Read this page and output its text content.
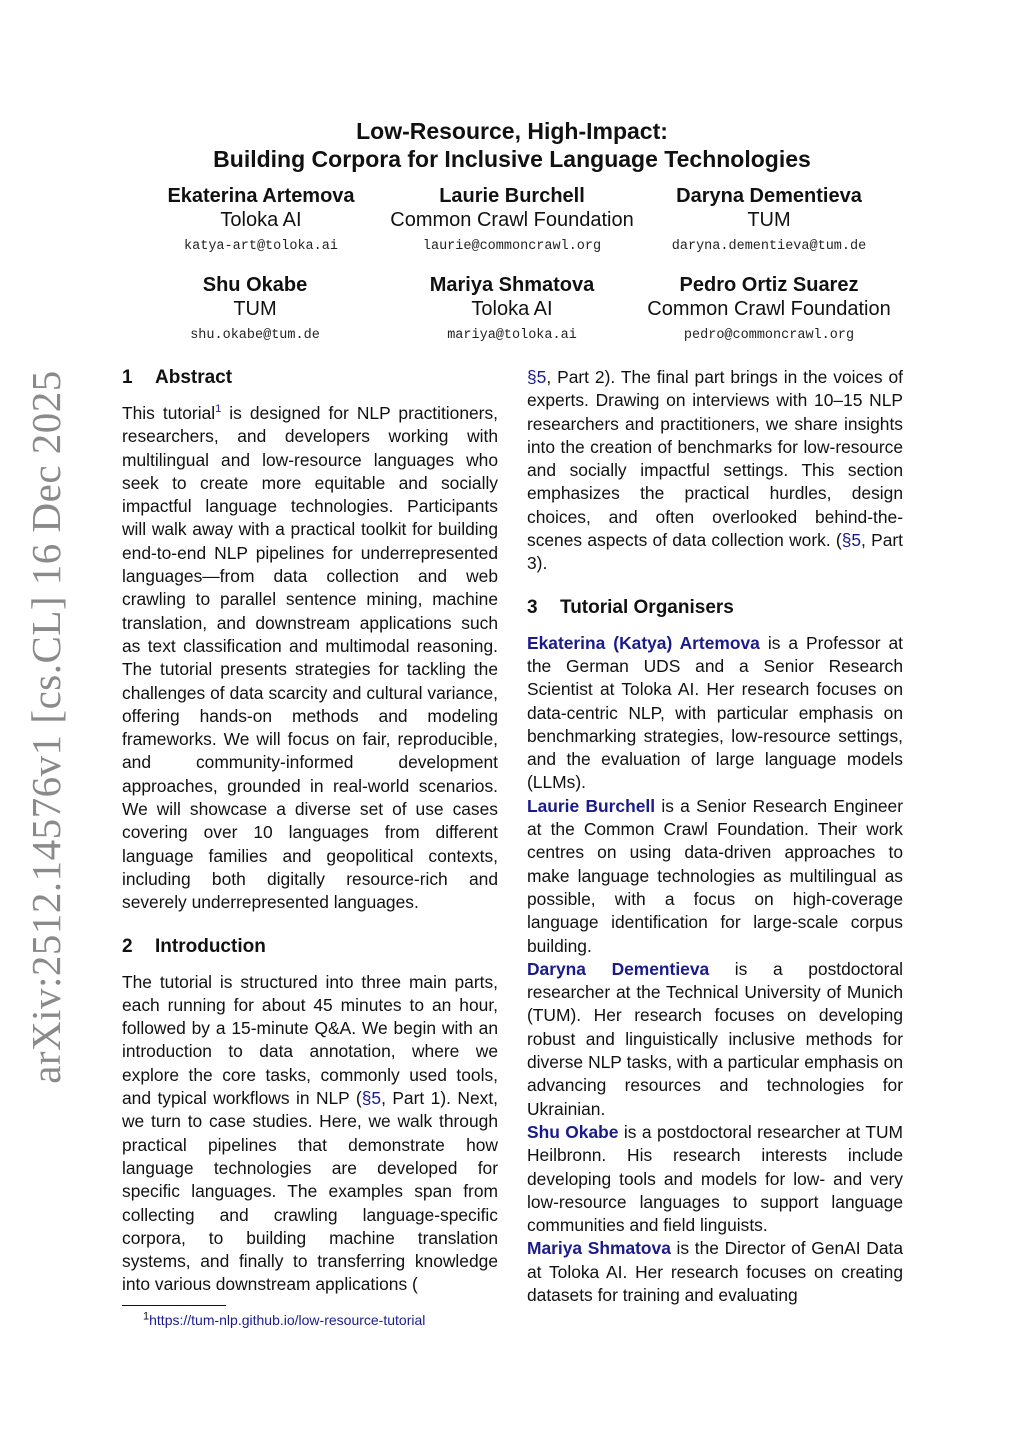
arXiv:2512.14576v1 [cs.CL] 16 Dec 2025
Low-Resource, High-Impact:
Building Corpora for Inclusive Language Technologies
Ekaterina Artemova
Toloka AI
katya-art@toloka.ai
Laurie Burchell
Common Crawl Foundation
laurie@commoncrawl.org
Daryna Dementieva
TUM
daryna.dementieva@tum.de
Shu Okabe
TUM
shu.okabe@tum.de
Mariya Shmatova
Toloka AI
mariya@toloka.ai
Pedro Ortiz Suarez
Common Crawl Foundation
pedro@commoncrawl.org
1 Abstract

This tutorial$^1$ is designed for NLP practitioners, researchers, and developers working with multilingual and low-resource languages who seek to create more equitable and socially impactful language technologies. Participants will walk away with a practical toolkit for building end-to-end NLP pipelines for underrepresented languages—from data collection and web crawling to parallel sentence mining, machine translation, and downstream applications such as text classification and multimodal reasoning. The tutorial presents strategies for tackling the challenges of data scarcity and cultural variance, offering hands-on methods and modeling frameworks. We will focus on fair, reproducible, and community-informed development approaches, grounded in real-world scenarios. We will showcase a diverse set of use cases covering over 10 languages from different language families and geopolitical contexts, including both digitally resource-rich and severely underrepresented languages.

2 Introduction

The tutorial is structured into three main parts, each running for about 45 minutes to an hour, followed by a 15-minute Q&A. We begin with an introduction to data annotation, where we explore the core tasks, commonly used tools, and typical workflows in NLP (§5, Part 1). Next, we turn to case studies. Here, we walk through practical pipelines that demonstrate how language technologies are developed for specific languages. The examples span from collecting and crawling language-specific corpora, to building machine translation systems, and finally to transferring knowledge into various downstream applications (

§5, Part 2). The final part brings in the voices of experts. Drawing on interviews with 10–15 NLP researchers and practitioners, we share insights into the creation of benchmarks for low-resource and socially impactful settings. This section emphasizes the practical hurdles, design choices, and often overlooked behind-the-scenes aspects of data collection work. (§5, Part 3).

3 Tutorial Organisers

Ekaterina (Katya) Artemova is a Professor at the German UDS and a Senior Research Scientist at Toloka AI. Her research focuses on data-centric NLP, with particular emphasis on benchmarking strategies, low-resource settings, and the evaluation of large language models (LLMs).

Laurie Burchell is a Senior Research Engineer at the Common Crawl Foundation. Their work centres on using data-driven approaches to make language technologies as multilingual as possible, with a focus on high-coverage language identification for large-scale corpus building.

Daryna Dementieva is a postdoctoral researcher at the Technical University of Munich (TUM). Her research focuses on developing robust and linguistically inclusive methods for diverse NLP tasks, with a particular emphasis on advancing resources and technologies for Ukrainian.

Shu Okabe is a postdoctoral researcher at TUM Heilbronn. His research interests include developing tools and models for low- and very low-resource languages to support language communities and field linguists.

Mariya Shmatova is the Director of GenAI Data at Toloka AI. Her research focuses on creating datasets for training and evaluating

$^1$https://tum-nlp.github.io/low-resource-tutorial
